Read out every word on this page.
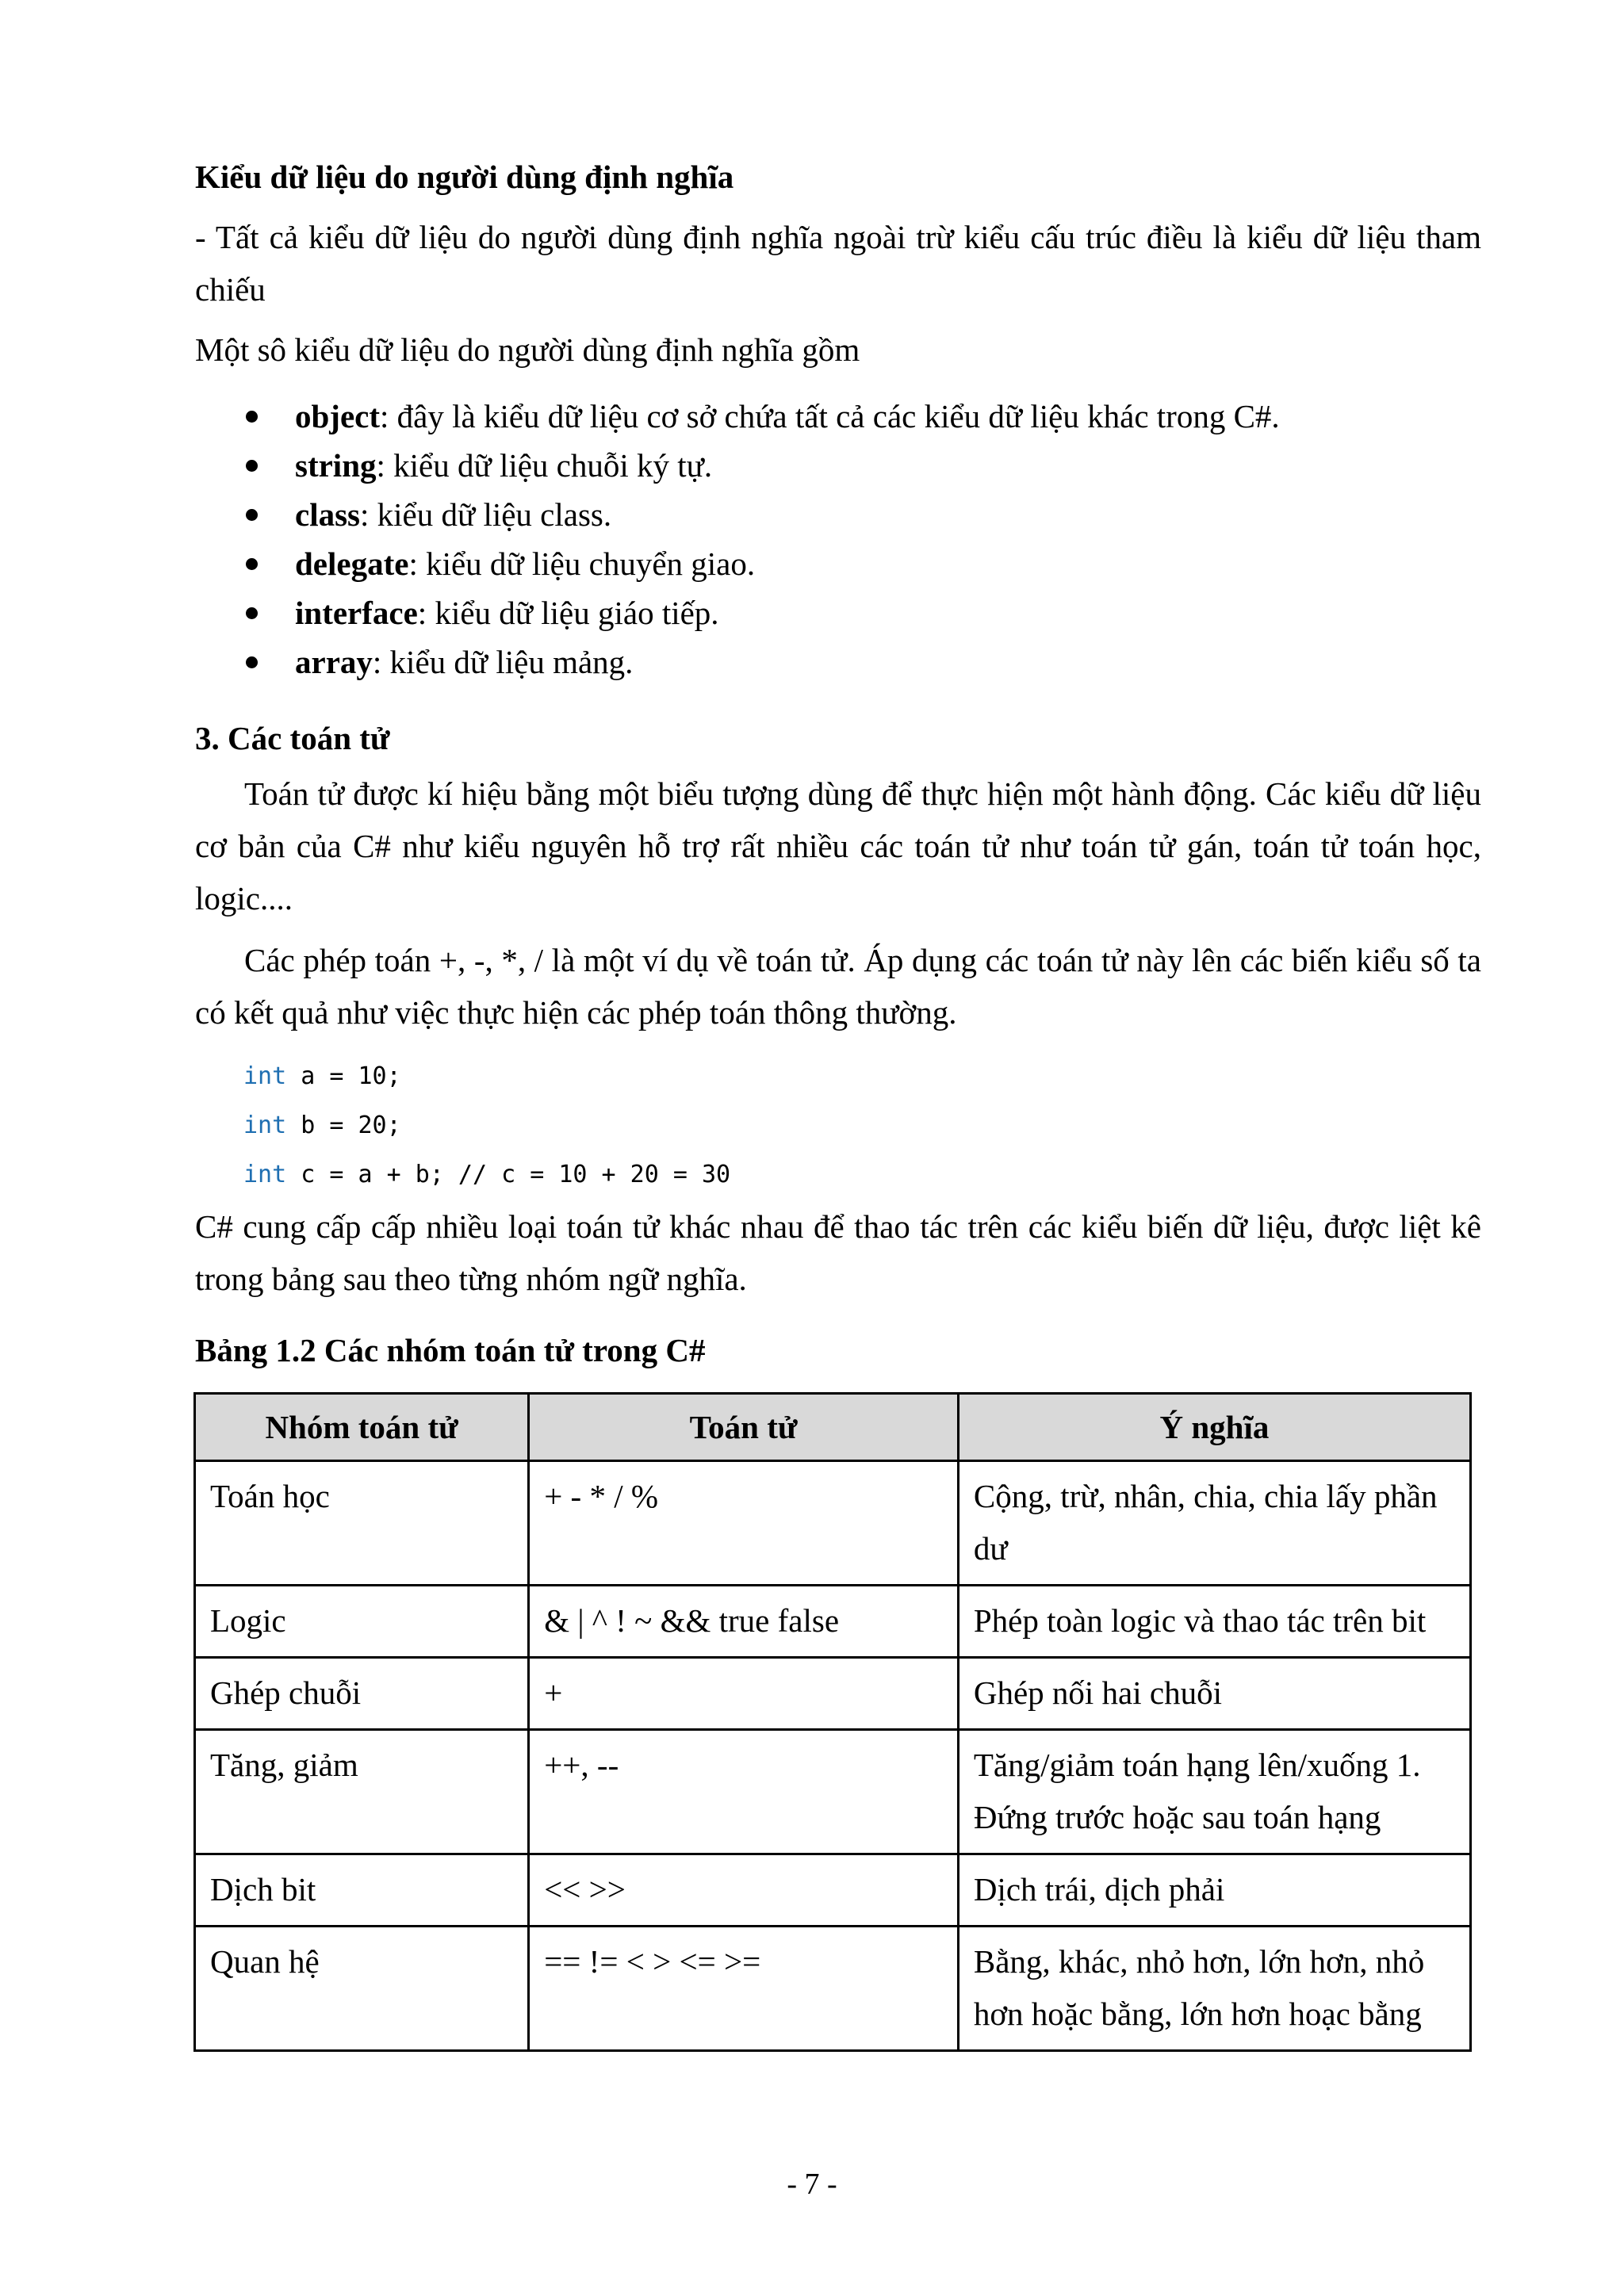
Kiểu dữ liệu do người dùng định nghĩa
- Tất cả kiểu dữ liệu do người dùng định nghĩa ngoài trừ kiểu cấu trúc điều là kiểu dữ liệu tham chiếu
Một sô kiểu dữ liệu do người dùng định nghĩa gồm
object: đây là kiểu dữ liệu cơ sở chứa tất cả các kiểu dữ liệu khác trong C#.
string: kiểu dữ liệu chuỗi ký tự.
class: kiểu dữ liệu class.
delegate: kiểu dữ liệu chuyển giao.
interface: kiểu dữ liệu giáo tiếp.
array: kiểu dữ liệu mảng.
3. Các toán tử
Toán tử được kí hiệu bằng một biểu tượng dùng để thực hiện một hành động. Các kiểu dữ liệu cơ bản của C# như kiểu nguyên hỗ trợ rất nhiều các toán tử như toán tử gán, toán tử toán học, logic....
Các phép toán +, -, *, / là một ví dụ về toán tử. Áp dụng các toán tử này lên các biến kiểu số ta có kết quả như việc thực hiện các phép toán thông thường.
int a = 10;
int b = 20;
int c = a + b; // c = 10 + 20 = 30
C# cung cấp cấp nhiều loại toán tử khác nhau để thao tác trên các kiểu biến dữ liệu, được liệt kê trong bảng sau theo từng nhóm ngữ nghĩa.
Bảng 1.2 Các nhóm toán tử trong C#
Nhóm toán tử	Toán tử	Ý nghĩa
Toán học	+ - * / %	Cộng, trừ, nhân, chia, chia lấy phần dư
Logic	& | ^ ! ~ && true false	Phép toàn logic và thao tác trên bit
Ghép chuỗi	+	Ghép nối hai chuỗi
Tăng, giảm	++, --	Tăng/giảm toán hạng lên/xuống 1. Đứng trước hoặc sau toán hạng
Dịch bit	<< >>	Dịch trái, dịch phải
Quan hệ	== != < > <= >=	Bằng, khác, nhỏ hơn, lớn hơn, nhỏ hơn hoặc bằng, lớn hơn hoạc bằng
- 7 -
